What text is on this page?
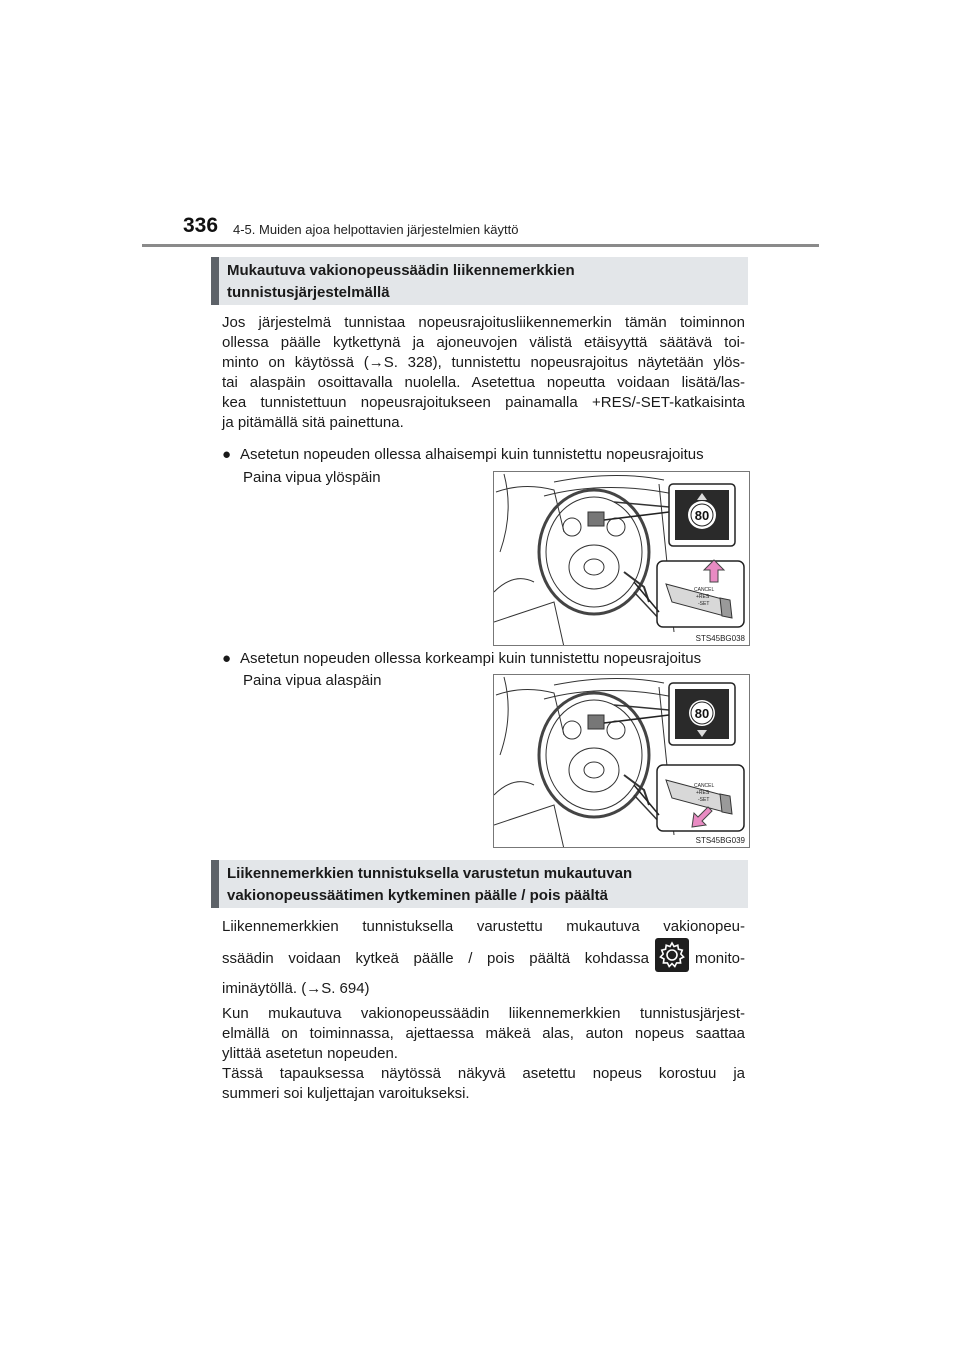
336 4-5. Muiden ajoa helpottavien järjestelmien käyttö
Mukautuva vakionopeussäädin liikennemerkkien
tunnistusjärjestelmällä
Jos järjestelmä tunnistaa nopeusrajoitusliikennemerkin tämän toiminnon
ollessa päälle kytkettynä ja ajoneuvojen välistä etäisyyttä säätävä toi-
minto on käytössä (→S. 328), tunnistettu nopeusrajoitus näytetään ylös-
tai alaspäin osoittavalla nuolella. Asetettua nopeutta voidaan lisätä/las-
kea tunnistettuun nopeusrajoitukseen painamalla +RES/-SET-katkaisinta
ja pitämällä sitä painettuna.
● Asetetun nopeuden ollessa alhaisempi kuin tunnistettu nopeusrajoitus
Paina vipua ylöspäin
80
CANCEL
+RES
-SET
STS45BG038
● Asetetun nopeuden ollessa korkeampi kuin tunnistettu nopeusrajoitus
Paina vipua alaspäin
80
CANCEL
+RES
-SET
STS45BG039
Liikennemerkkien tunnistuksella varustetun mukautuvan
vakionopeussäätimen kytkeminen päälle / pois päältä
Liikennemerkkien tunnistuksella varustettu mukautuva vakionopeu-
ssäädin voidaan kytkeä päälle / pois päältä kohdassa	monito-
iminäytöllä. (→S. 694)
Kun mukautuva vakionopeussäädin liikennemerkkien tunnistusjärjest-
elmällä on toiminnassa, ajettaessa mäkeä alas, auton nopeus saattaa
ylittää asetetun nopeuden.
Tässä tapauksessa näytössä näkyvä asetettu nopeus korostuu ja
summeri soi kuljettajan varoitukseksi.
